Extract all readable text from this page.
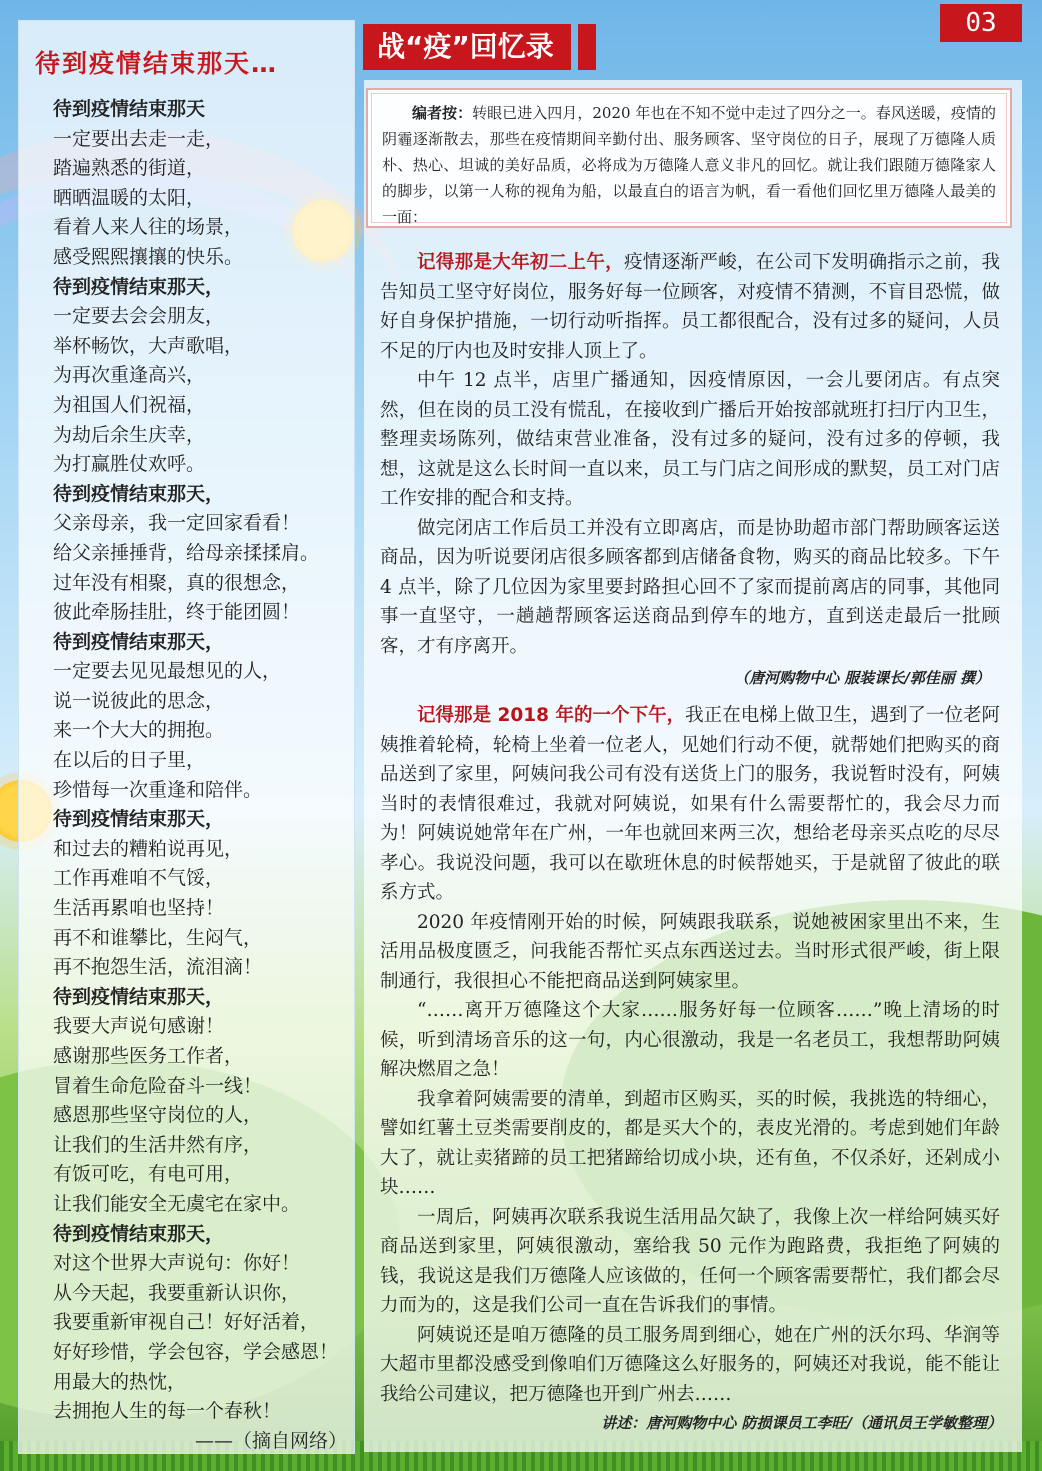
03
待到疫情结束那天…
待到疫情结束那天
一定要出去走一走，
踏遍熟悉的街道，
晒晒温暖的太阳，
看着人来人往的场景，
感受熙熙攘攘的快乐。
待到疫情结束那天，
一定要去会会朋友，
举杯畅饮，大声歌唱，
为再次重逢高兴，
为祖国人们祝福，
为劫后余生庆幸，
为打赢胜仗欢呼。
待到疫情结束那天，
父亲母亲，我一定回家看看！
给父亲捶捶背，给母亲揉揉肩。
过年没有相聚，真的很想念，
彼此牵肠挂肚，终于能团圆！
待到疫情结束那天，
一定要去见见最想见的人，
说一说彼此的思念，
来一个大大的拥抱。
在以后的日子里，
珍惜每一次重逢和陪伴。
待到疫情结束那天，
和过去的糟粕说再见，
工作再难咱不气馁，
生活再累咱也坚持！
再不和谁攀比，生闷气，
再不抱怨生活，流泪滴！
待到疫情结束那天，
我要大声说句感谢！
感谢那些医务工作者，
冒着生命危险奋斗一线！
感恩那些坚守岗位的人，
让我们的生活井然有序，
有饭可吃，有电可用，
让我们能安全无虞宅在家中。
待到疫情结束那天，
对这个世界大声说句：你好！
从今天起，我要重新认识你，
我要重新审视自己！好好活着，
好好珍惜，学会包容，学会感恩！
用最大的热忱，
去拥抱人生的每一个春秋！
——（摘自网络）
战“疫”回忆录

编者按：转眼已进入四月，2020 年也在不知不觉中走过了四分之一。春风送暖，疫情的阴霾逐渐散去，那些在疫情期间辛勤付出、服务顾客、坚守岗位的日子，展现了万德隆人质朴、热心、坦诚的美好品质，必将成为万德隆人意义非凡的回忆。就让我们跟随万德隆家人的脚步，以第一人称的视角为船，以最直白的语言为帆，看一看他们回忆里万德隆人最美的一面：

记得那是大年初二上午，疫情逐渐严峻，在公司下发明确指示之前，我告知员工坚守好岗位，服务好每一位顾客，对疫情不猜测，不盲目恐慌，做好自身保护措施，一切行动听指挥。员工都很配合，没有过多的疑问，人员不足的厅内也及时安排人顶上了。

中午 12 点半，店里广播通知，因疫情原因，一会儿要闭店。有点突然，但在岗的员工没有慌乱，在接收到广播后开始按部就班打扫厅内卫生，整理卖场陈列，做结束营业准备，没有过多的疑问，没有过多的停顿，我想，这就是这么长时间一直以来，员工与门店之间形成的默契，员工对门店工作安排的配合和支持。

做完闭店工作后员工并没有立即离店，而是协助超市部门帮助顾客运送商品，因为听说要闭店很多顾客都到店储备食物，购买的商品比较多。下午 4 点半，除了几位因为家里要封路担心回不了家而提前离店的同事，其他同事一直坚守，一趟趟帮顾客运送商品到停车的地方，直到送走最后一批顾客，才有序离开。

（唐河购物中心 服装课长/郭佳丽 撰）

记得那是 2018 年的一个下午，我正在电梯上做卫生，遇到了一位老阿姨推着轮椅，轮椅上坐着一位老人，见她们行动不便，就帮她们把购买的商品送到了家里，阿姨问我公司有没有送货上门的服务，我说暂时没有，阿姨当时的表情很难过，我就对阿姨说，如果有什么需要帮忙的，我会尽力而为！阿姨说她常年在广州，一年也就回来两三次，想给老母亲买点吃的尽尽孝心。我说没问题，我可以在歇班休息的时候帮她买，于是就留了彼此的联系方式。

2020 年疫情刚开始的时候，阿姨跟我联系，说她被困家里出不来，生活用品极度匮乏，问我能否帮忙买点东西送过去。当时形式很严峻，街上限制通行，我很担心不能把商品送到阿姨家里。

“……离开万德隆这个大家……服务好每一位顾客……”晚上清场的时候，听到清场音乐的这一句，内心很激动，我是一名老员工，我想帮助阿姨解决燃眉之急！

我拿着阿姨需要的清单，到超市区购买，买的时候，我挑选的特细心，譬如红薯土豆类需要削皮的，都是买大个的，表皮光滑的。考虑到她们年龄大了，就让卖猪蹄的员工把猪蹄给切成小块，还有鱼，不仅杀好，还剁成小块……

一周后，阿姨再次联系我说生活用品欠缺了，我像上次一样给阿姨买好商品送到家里，阿姨很激动，塞给我 50 元作为跑路费，我拒绝了阿姨的钱，我说这是我们万德隆人应该做的，任何一个顾客需要帮忙，我们都会尽力而为的，这是我们公司一直在告诉我们的事情。

阿姨说还是咱万德隆的员工服务周到细心，她在广州的沃尔玛、华润等大超市里都没感受到像咱们万德隆这么好服务的，阿姨还对我说，能不能让我给公司建议，把万德隆也开到广州去……

讲述：唐河购物中心 防损课员工李旺/（通讯员王学敏整理）
